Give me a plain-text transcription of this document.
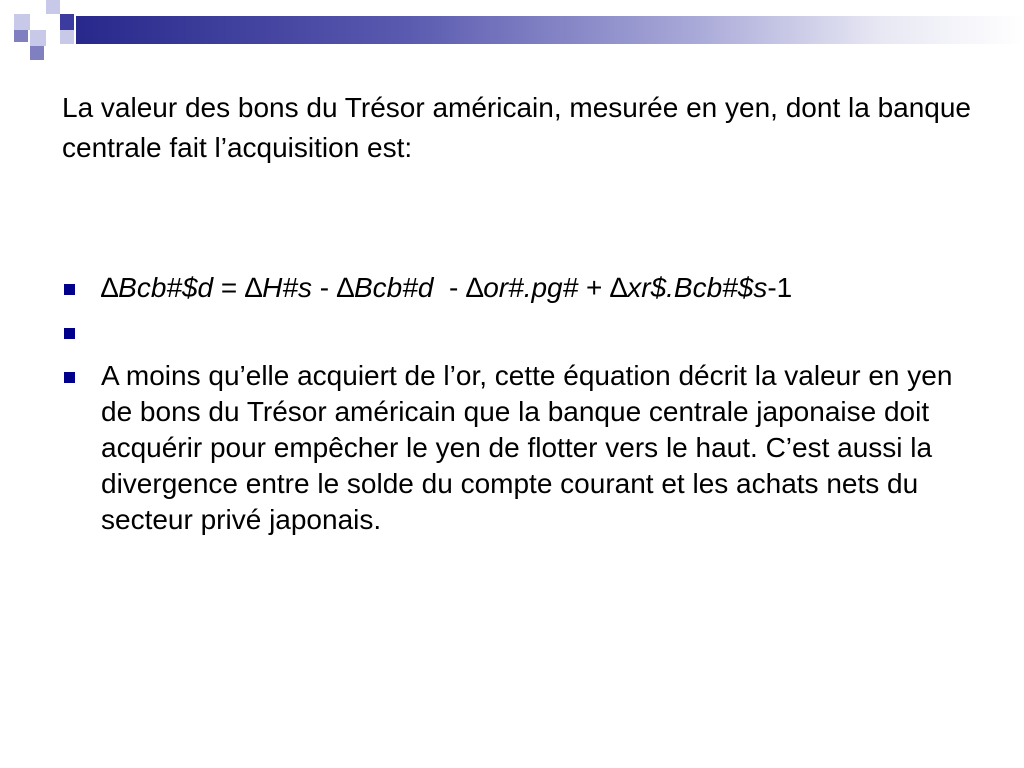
La valeur des bons du Trésor américain, mesurée en yen, dont la banque centrale fait l’acquisition est:
∆Bcb#$d = ∆H#s - ∆Bcb#d  - ∆or#.pg# + ∆xr$.Bcb#$s-1
A moins qu’elle acquiert de l’or, cette équation décrit la valeur en yen de bons du Trésor américain que la banque centrale japonaise doit acquérir pour empêcher le yen de flotter vers le haut. C’est aussi la divergence entre le solde du compte courant et les achats nets du secteur privé japonais.
